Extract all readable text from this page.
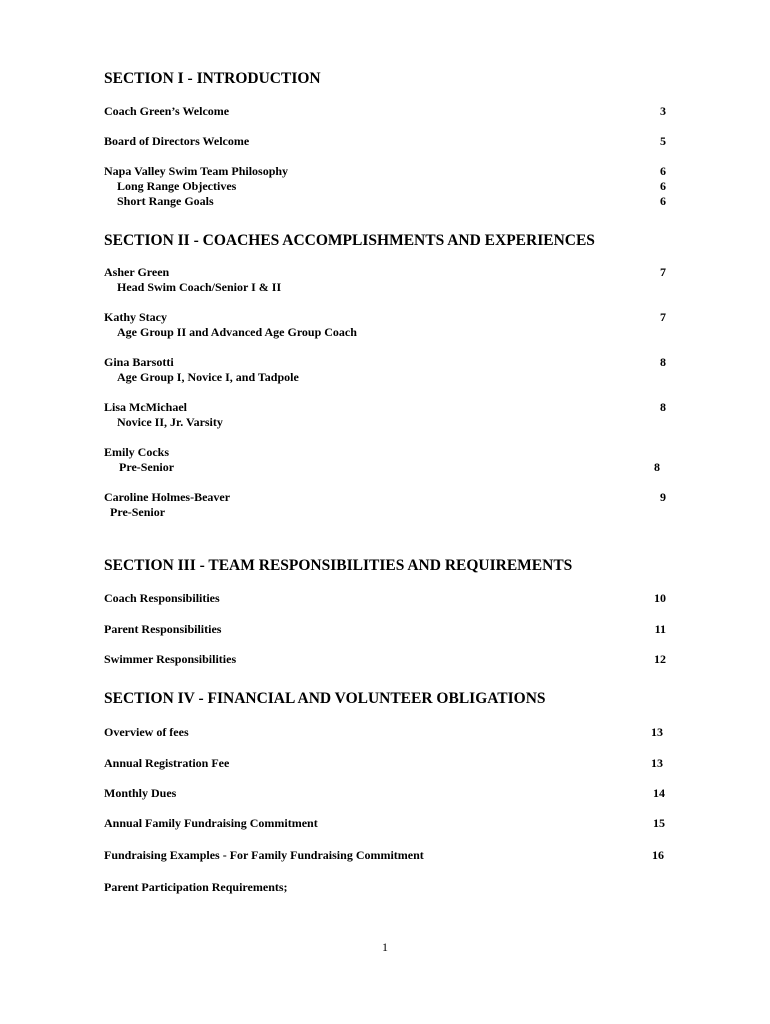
SECTION I - INTRODUCTION
Coach Green’s Welcome	3
Board of Directors Welcome	5
Napa Valley Swim Team Philosophy	6
Long Range Objectives	6
Short Range Goals	6
SECTION II - COACHES ACCOMPLISHMENTS AND EXPERIENCES
Asher Green	7
Head Swim Coach/Senior I & II
Kathy Stacy	7
Age Group II and Advanced Age Group Coach
Gina Barsotti	8
Age Group I, Novice I, and Tadpole
Lisa McMichael	8
Novice II, Jr. Varsity
Emily Cocks
Pre-Senior	8
Caroline Holmes-Beaver	9
Pre-Senior
SECTION III - TEAM RESPONSIBILITIES AND REQUIREMENTS
Coach Responsibilities	10
Parent Responsibilities	11
Swimmer Responsibilities	12
SECTION IV - FINANCIAL AND VOLUNTEER OBLIGATIONS
Overview of fees	13
Annual Registration Fee	13
Monthly Dues	14
Annual Family Fundraising Commitment	15
Fundraising Examples - For Family Fundraising Commitment	16
Parent Participation Requirements;
1
